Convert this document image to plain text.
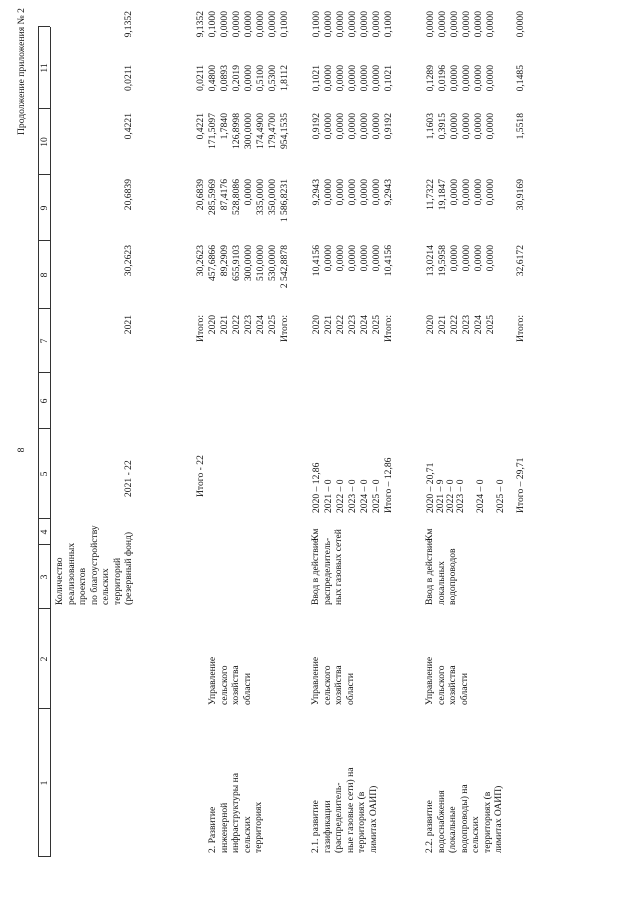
Продолжение приложения № 2
8
1
2
3
4
5
6
7
8
9
10
11
Количество реализованных проектов по благоустройству сельских территорий (резервный фонд)
2021 - 22
2021
30,2623
20,6839
0,4221
0,0211
9,1352
Итого - 22
Итого:
30,2623
20,6839
0,4221
0,0211
9,1352
2. Развитие инженерной инфраструктуры на сельских территориях
Управление сельского хозяйства области
2020
457,6866
285,5969
171,5097
0,4800
0,1000
2021
89,2909
87,4176
1,7840
0,0893
0,0000
2022
655,9103
528,8086
126,8998
0,2019
0,0000
2023
300,0000
0,0000
300,0000
0,0000
0,0000
2024
510,0000
335,0000
174,4900
0,5100
0,0000
2025
530,0000
350,0000
179,4700
0,5300
0,0000
Итого:
2 542,8878
1 586,8231
954,1535
1,8112
0,1000
2.1. развитие газификации (распределитель- ные газовые сети) на территориях (в лимитах ОАИП)
Управление сельского хозяйства области
Ввод в действие распределитель- ных газовых сетей
Км
2020 – 12,86 2021 – 0 2022 – 0 2023 – 0 2024 – 0 2025 – 0 Итого – 12,86
2020
10,4156
9,2943
0,9192
0,1021
0,1000
2021
0,0000
0,0000
0,0000
0,0000
0,0000
2022
0,0000
0,0000
0,0000
0,0000
0,0000
2023
0,0000
0,0000
0,0000
0,0000
0,0000
2024
0,0000
0,0000
0,0000
0,0000
0,0000
2025
0,0000
0,0000
0,0000
0,0000
0,0000
Итого:
10,4156
9,2943
0,9192
0,1021
0,1000
2.2. развитие водоснабжения (локальные водопроводы) на сельских территориях (в лимитах ОАИП)
Управление сельского хозяйства области
Ввод в действие локальных водопроводов
Км
2020 – 20,71 2021 – 9 2022 – 0 2023 – 0 2024 – 0 2025 – 0 Итого – 29,71
2020
13,0214
11,7322
1,1603
0,1289
0,0000
2021
19,5958
19,1847
0,3915
0,0196
0,0000
2022
0,0000
0,0000
0,0000
0,0000
0,0000
2023
0,0000
0,0000
0,0000
0,0000
0,0000
2024
0,0000
0,0000
0,0000
0,0000
0,0000
2025
0,0000
0,0000
0,0000
0,0000
0,0000
Итого:
32,6172
30,9169
1,5518
0,1485
0,0000
